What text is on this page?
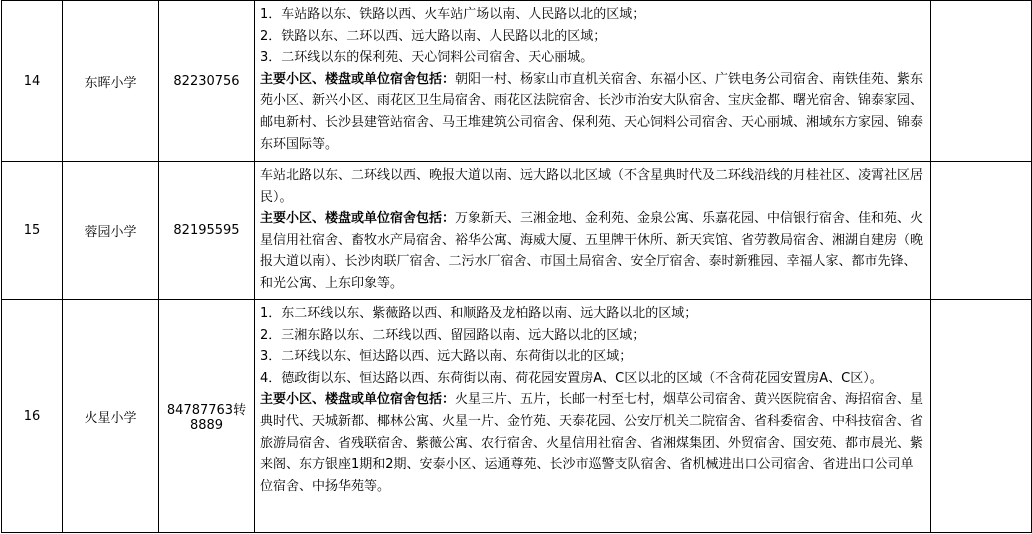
14	东晖小学	82230756	1．车站路以东、铁路以西、火车站广场以南、人民路以北的区域；
2．铁路以东、二环以西、远大路以南、人民路以北的区域；
3．二环线以东的保利苑、天心饲料公司宿舍、天心丽城。
主要小区、楼盘或单位宿舍包括：朝阳一村、杨家山市直机关宿舍、东福小区、广铁电务公司宿舍、南铁佳苑、紫东苑小区、新兴小区、雨花区卫生局宿舍、雨花区法院宿舍、长沙市治安大队宿舍、宝庆金都、曙光宿舍、锦泰家园、邮电新村、长沙县建管站宿舍、马王堆建筑公司宿舍、保利苑、天心饲料公司宿舍、天心丽城、湘域东方家园、锦泰东环国际等。	

15	蓉园小学	82195595	车站北路以东、二环线以西、晚报大道以南、远大路以北区域（不含星典时代及二环线沿线的月桂社区、凌霄社区居民）。
主要小区、楼盘或单位宿舍包括：万象新天、三湘金地、金利苑、金泉公寓、乐嘉花园、中信银行宿舍、佳和苑、火星信用社宿舍、畜牧水产局宿舍、裕华公寓、海威大厦、五里牌干休所、新天宾馆、省劳教局宿舍、湘湖自建房（晚报大道以南）、长沙肉联厂宿舍、二污水厂宿舍、市国土局宿舍、安全厅宿舍、泰时新雅园、幸福人家、都市先锋、和光公寓、上东印象等。	

16	火星小学	84787763转8889	1．东二环线以东、紫薇路以西、和顺路及龙柏路以南、远大路以北的区域；
2．三湘东路以东、二环线以西、留园路以南、远大路以北的区域；
3．二环线以东、恒达路以西、远大路以南、东荷街以北的区域；
4．德政街以东、恒达路以西、东荷街以南、荷花园安置房A、C区以北的区域（不含荷花园安置房A、C区）。
主要小区、楼盘或单位宿舍包括：火星三片、五片，长邮一村至七村，烟草公司宿舍、黄兴医院宿舍、海招宿舍、星典时代、天城新都、椰林公寓、火星一片、金竹苑、天泰花园、公安厅机关二院宿舍、省科委宿舍、中科技宿舍、省旅游局宿舍、省残联宿舍、紫薇公寓、农行宿舍、火星信用社宿舍、省湘煤集团、外贸宿舍、国安苑、都市晨光、紫来阁、东方银座1期和2期、安泰小区、运通尊苑、长沙市巡警支队宿舍、省机械进出口公司宿舍、省进出口公司单位宿舍、中扬华苑等。	
